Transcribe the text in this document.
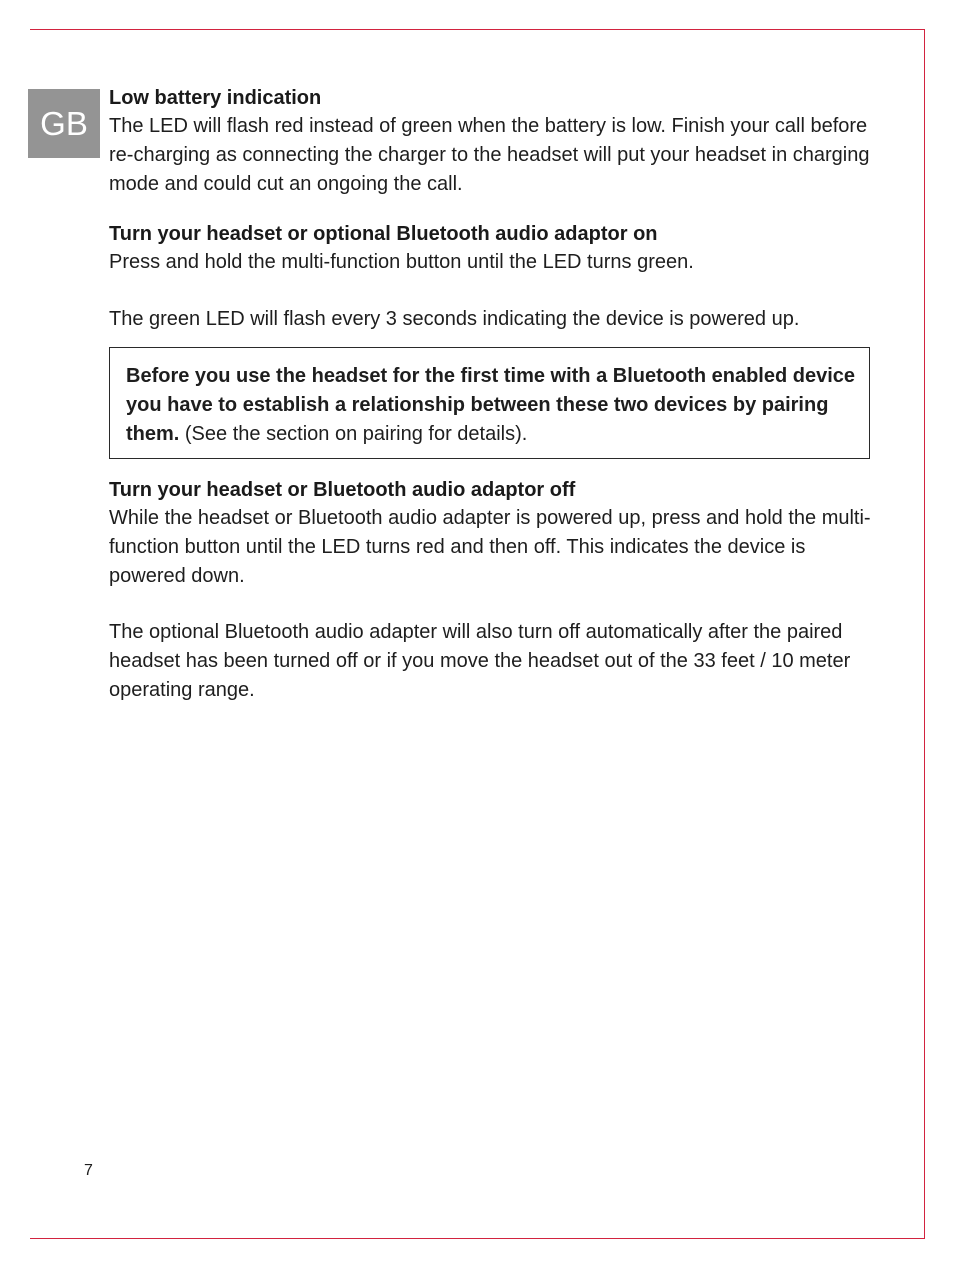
GB
Low battery indication

The LED will flash red instead of green when the battery is low. Finish your call before re-charging as connecting the charger to the headset will put your headset in charging mode and could cut an ongoing the call.

Turn your headset or optional Bluetooth audio adaptor on

Press and hold the multi-function button until the LED turns green.

The green LED will flash every 3 seconds indicating the device is powered up.

Before you use the headset for the first time with a Bluetooth enabled device you have to establish a relationship between these two devices by pairing them. (See the section on pairing for details).
Turn your headset or Bluetooth audio adaptor off

While the headset or Bluetooth audio adapter is powered up, press and hold the multi-function button until the LED turns red and then off. This indicates the device is powered down.

The optional Bluetooth audio adapter will also turn off automatically after the paired headset has been turned off or if you move the headset out of the 33 feet / 10 meter operating range.

7
